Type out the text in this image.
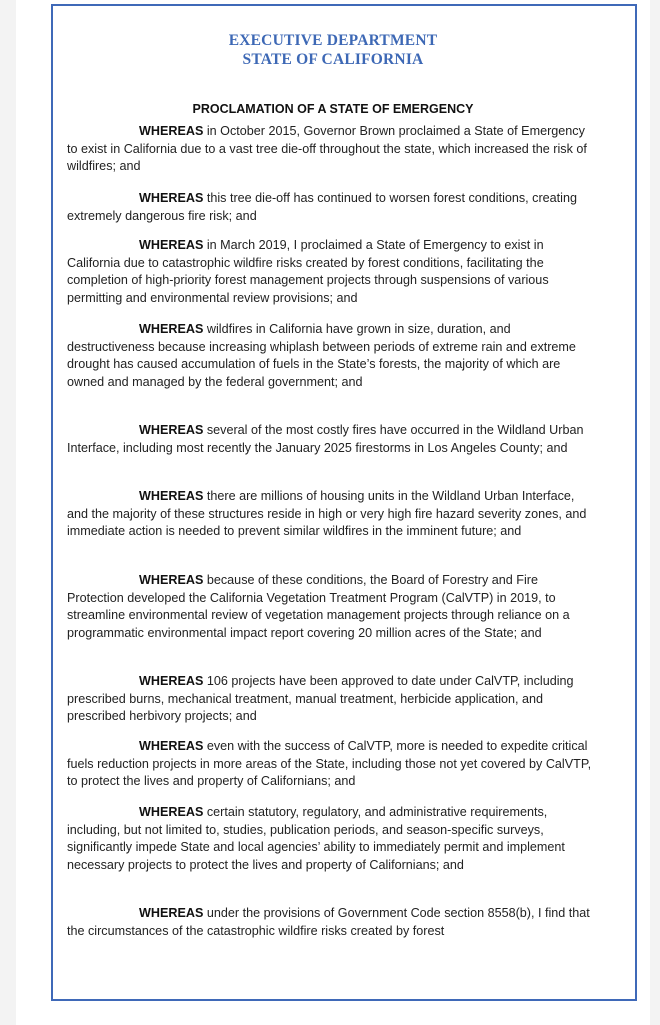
EXECUTIVE DEPARTMENT
STATE OF CALIFORNIA
PROCLAMATION OF A STATE OF EMERGENCY

WHEREAS in October 2015, Governor Brown proclaimed a State of Emergency to exist in California due to a vast tree die-off throughout the state, which increased the risk of wildfires; and

WHEREAS this tree die-off has continued to worsen forest conditions, creating extremely dangerous fire risk; and

WHEREAS in March 2019, I proclaimed a State of Emergency to exist in California due to catastrophic wildfire risks created by forest conditions, facilitating the completion of high-priority forest management projects through suspensions of various permitting and environmental review provisions; and

WHEREAS wildfires in California have grown in size, duration, and destructiveness because increasing whiplash between periods of extreme rain and extreme drought has caused accumulation of fuels in the State’s forests, the majority of which are owned and managed by the federal government; and

WHEREAS several of the most costly fires have occurred in the Wildland Urban Interface, including most recently the January 2025 firestorms in Los Angeles County; and

WHEREAS there are millions of housing units in the Wildland Urban Interface, and the majority of these structures reside in high or very high fire hazard severity zones, and immediate action is needed to prevent similar wildfires in the imminent future; and

WHEREAS because of these conditions, the Board of Forestry and Fire Protection developed the California Vegetation Treatment Program (CalVTP) in 2019, to streamline environmental review of vegetation management projects through reliance on a programmatic environmental impact report covering 20 million acres of the State; and

WHEREAS 106 projects have been approved to date under CalVTP, including prescribed burns, mechanical treatment, manual treatment, herbicide application, and prescribed herbivory projects; and

WHEREAS even with the success of CalVTP, more is needed to expedite critical fuels reduction projects in more areas of the State, including those not yet covered by CalVTP, to protect the lives and property of Californians; and

WHEREAS certain statutory, regulatory, and administrative requirements, including, but not limited to, studies, publication periods, and season-specific surveys, significantly impede State and local agencies’ ability to immediately permit and implement necessary projects to protect the lives and property of Californians; and

WHEREAS under the provisions of Government Code section 8558(b), I find that the circumstances of the catastrophic wildfire risks created by forest
